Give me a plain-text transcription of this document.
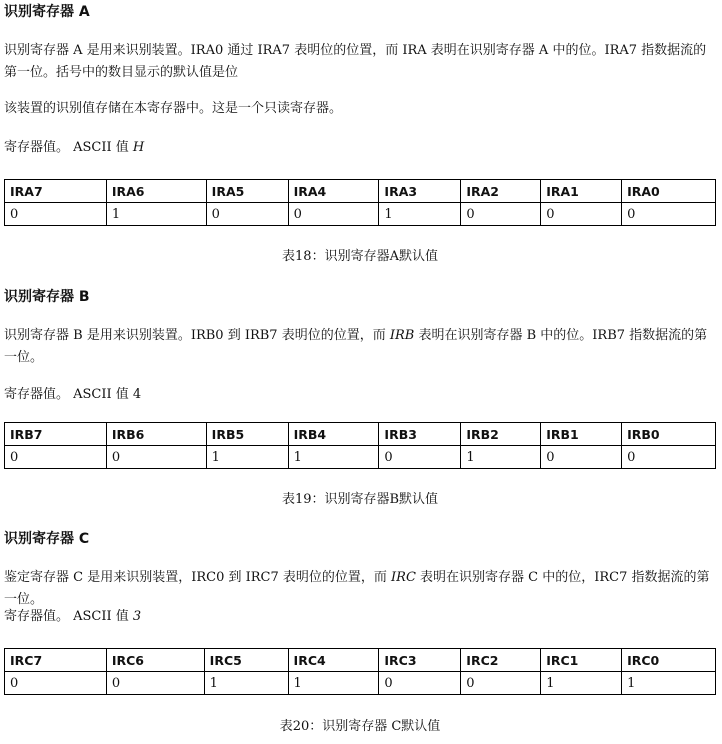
识别寄存器 A

识别寄存器 A 是用来识别装置。IRA0 通过 IRA7 表明位的位置，而 IRA 表明在识别寄存器 A 中的位。IRA7 指数据流的第一位。括号中的数目显示的默认值是位

该装置的识别值存储在本寄存器中。这是一个只读寄存器。

寄存器值。 ASCII 值 H

IRA7	IRA6	IRA5	IRA4	IRA3	IRA2	IRA1	IRA0
0	1	0	0	1	0	0	0
表18：识别寄存器A默认值
识别寄存器 B

识别寄存器 B 是用来识别装置。IRB0 到 IRB7 表明位的位置，而 IRB 表明在识别寄存器 B 中的位。IRB7 指数据流的第一位。

寄存器值。 ASCII 值 4

IRB7	IRB6	IRB5	IRB4	IRB3	IRB2	IRB1	IRB0
0	0	1	1	0	1	0	0
表19：识别寄存器B默认值
识别寄存器 C

鉴定寄存器 C 是用来识别装置，IRC0 到 IRC7 表明位的位置，而 IRC 表明在识别寄存器 C 中的位，IRC7 指数据流的第一位。

寄存器值。 ASCII 值 3

IRC7	IRC6	IRC5	IRC4	IRC3	IRC2	IRC1	IRC0
0	0	1	1	0	0	1	1
表20：识别寄存器 C默认值
